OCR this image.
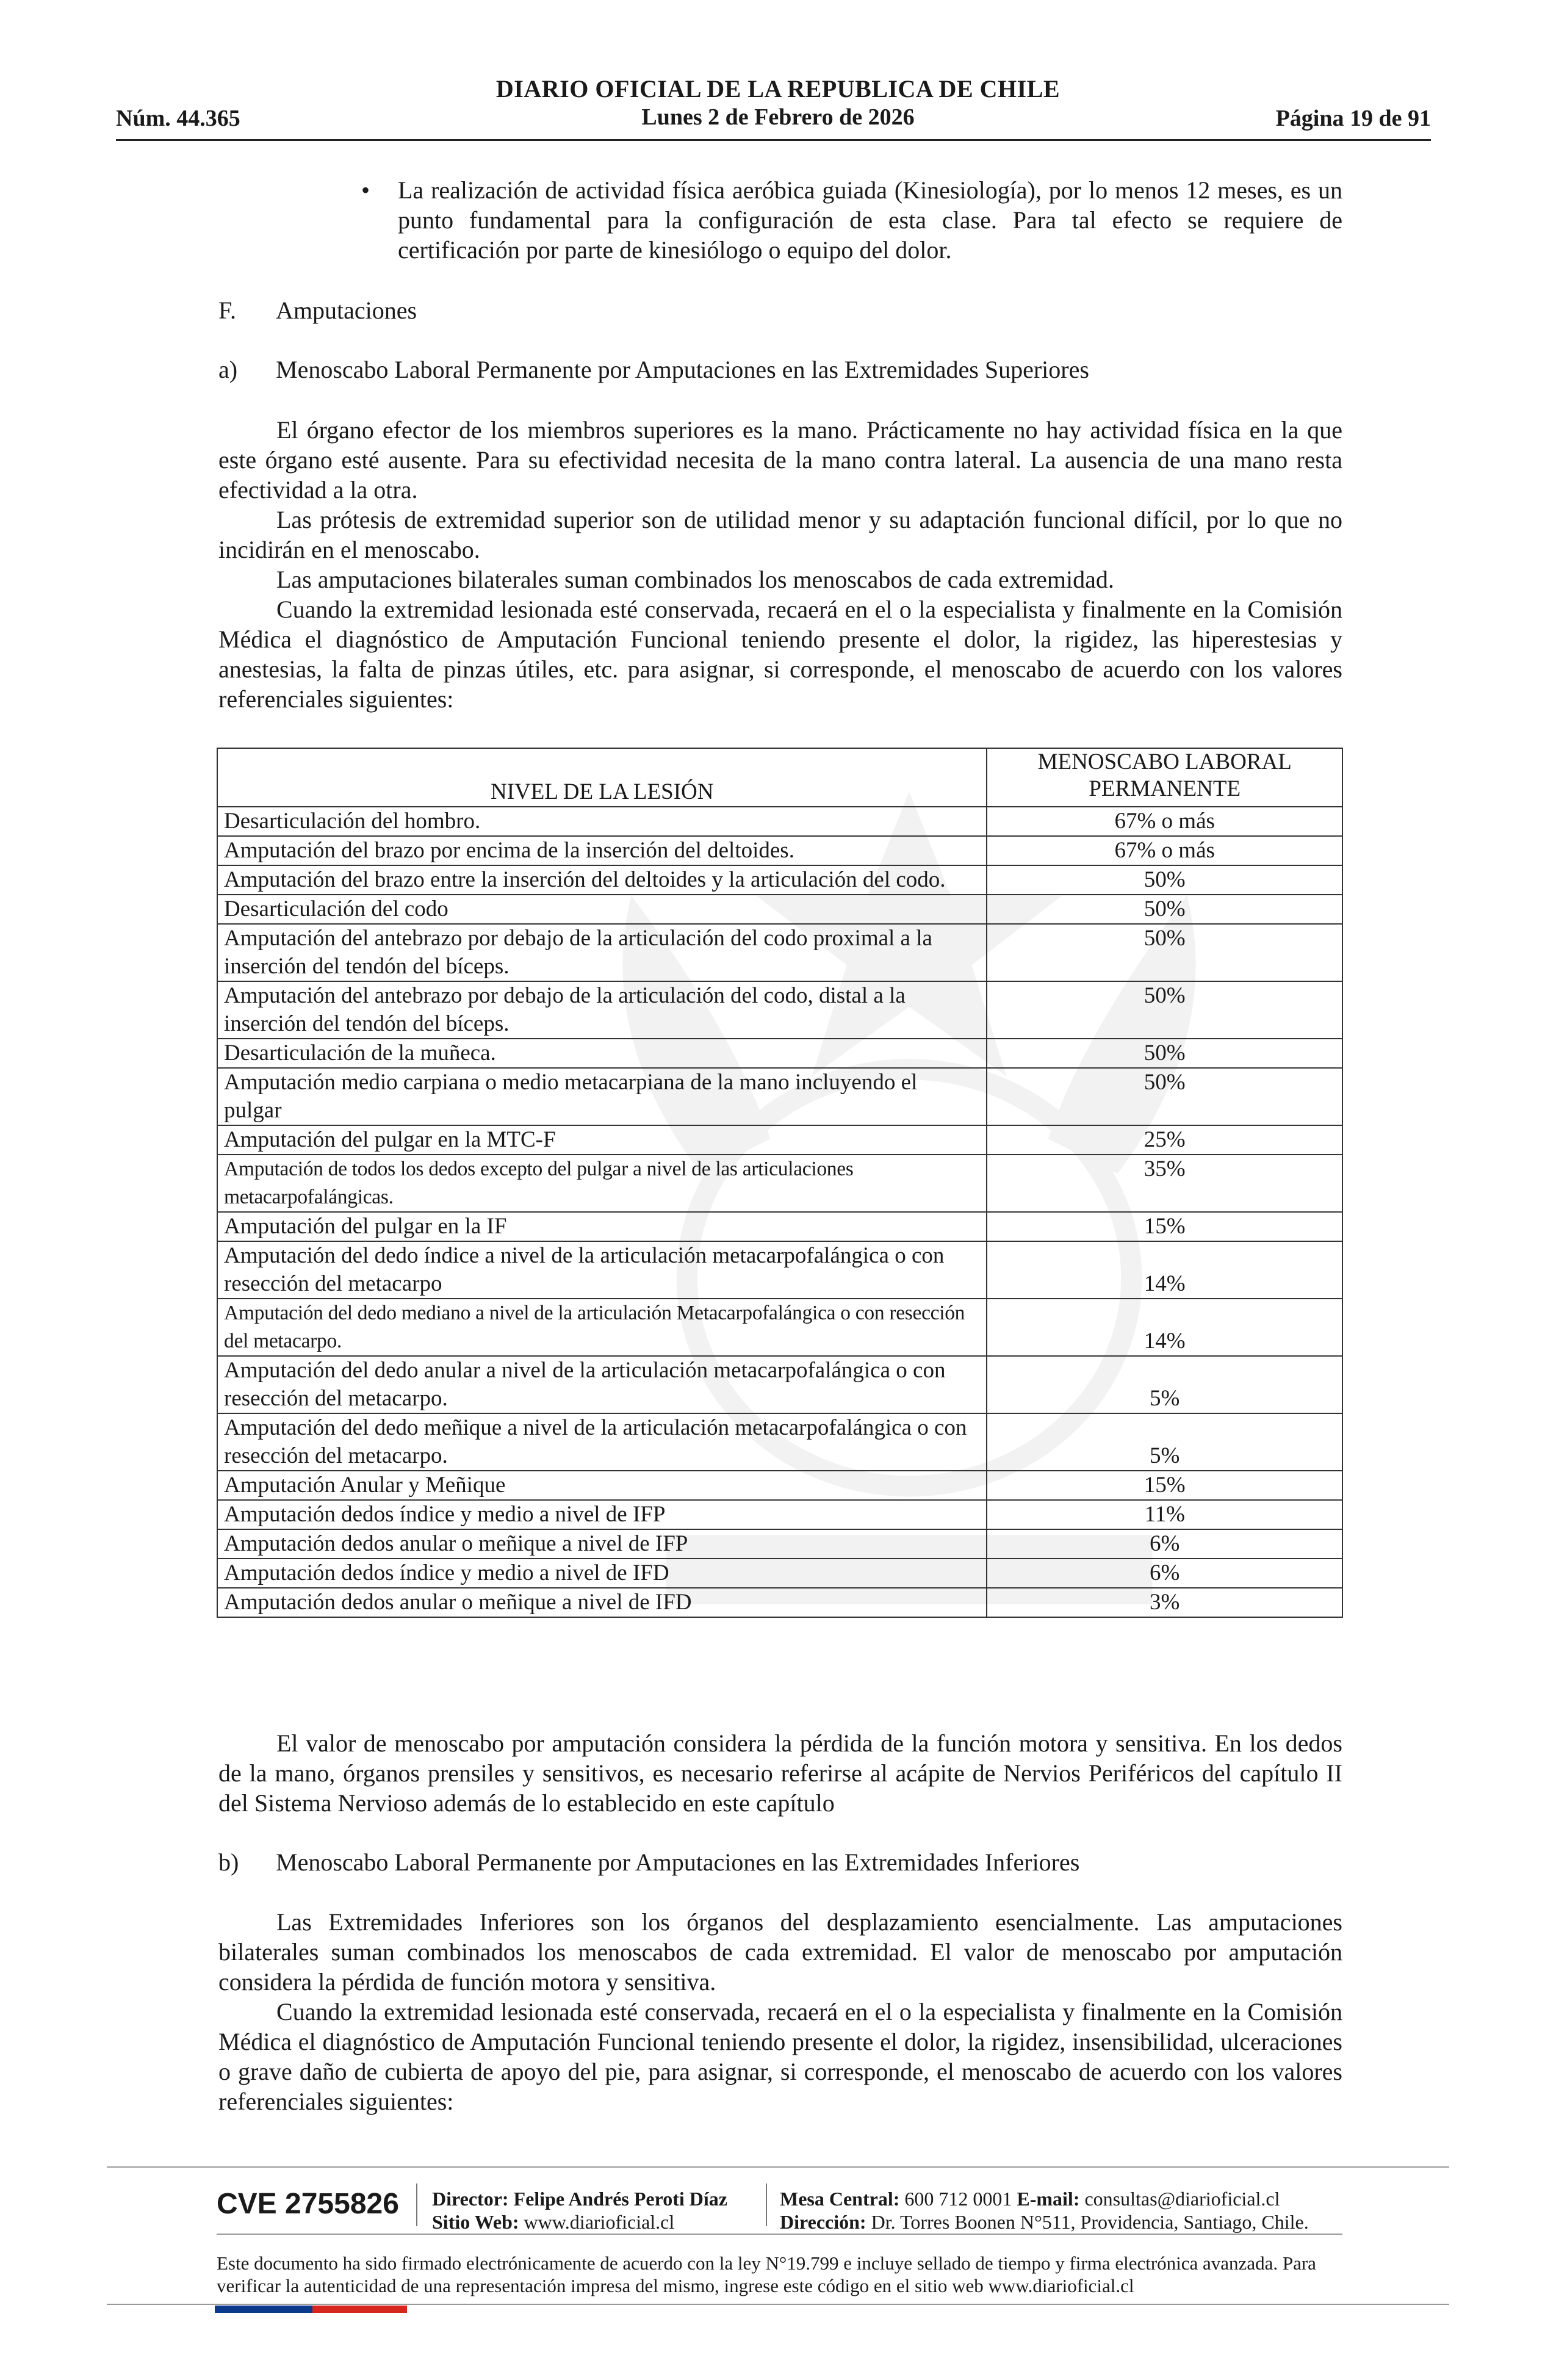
DIARIO OFICIAL DE LA REPUBLICA DE CHILE
Núm. 44.365	Lunes 2 de Febrero de 2026	Página 19 de 91
• La realización de actividad física aeróbica guiada (Kinesiología), por lo menos 12 meses, es un punto fundamental para la configuración de esta clase. Para tal efecto se requiere de certificación por parte de kinesiólogo o equipo del dolor.
F. Amputaciones
a) Menoscabo Laboral Permanente por Amputaciones en las Extremidades Superiores
El órgano efector de los miembros superiores es la mano. Prácticamente no hay actividad física en la que este órgano esté ausente. Para su efectividad necesita de la mano contra lateral. La ausencia de una mano resta efectividad a la otra.
Las prótesis de extremidad superior son de utilidad menor y su adaptación funcional difícil, por lo que no incidirán en el menoscabo.
Las amputaciones bilaterales suman combinados los menoscabos de cada extremidad.
Cuando la extremidad lesionada esté conservada, recaerá en el o la especialista y finalmente en la Comisión Médica el diagnóstico de Amputación Funcional teniendo presente el dolor, la rigidez, las hiperestesias y anestesias, la falta de pinzas útiles, etc. para asignar, si corresponde, el menoscabo de acuerdo con los valores referenciales siguientes:
NIVEL DE LA LESIÓN	MENOSCABO LABORAL
PERMANENTE
Desarticulación del hombro.	67% o más
Amputación del brazo por encima de la inserción del deltoides.	67% o más
Amputación del brazo entre la inserción del deltoides y la articulación del codo.	50%
Desarticulación del codo	50%
Amputación del antebrazo por debajo de la articulación del codo proximal a la inserción del tendón del bíceps.	50%
Amputación del antebrazo por debajo de la articulación del codo, distal a la inserción del tendón del bíceps.	50%
Desarticulación de la muñeca.	50%
Amputación medio carpiana o medio metacarpiana de la mano incluyendo el pulgar	50%
Amputación del pulgar en la MTC-F	25%
Amputación de todos los dedos excepto del pulgar a nivel de las articulaciones metacarpofalángicas.	35%
Amputación del pulgar en la IF	15%
Amputación del dedo índice a nivel de la articulación metacarpofalángica o con resección del metacarpo	14%
Amputación del dedo mediano a nivel de la articulación Metacarpofalángica o con resección del metacarpo.	14%
Amputación del dedo anular a nivel de la articulación metacarpofalángica o con resección del metacarpo.	5%
Amputación del dedo meñique a nivel de la articulación metacarpofalángica o con resección del metacarpo.	5%
Amputación Anular y Meñique	15%
Amputación dedos índice y medio a nivel de IFP	11%
Amputación dedos anular o meñique a nivel de IFP	6%
Amputación dedos índice y medio a nivel de IFD	6%
Amputación dedos anular o meñique a nivel de IFD	3%
El valor de menoscabo por amputación considera la pérdida de la función motora y sensitiva. En los dedos de la mano, órganos prensiles y sensitivos, es necesario referirse al acápite de Nervios Periféricos del capítulo II del Sistema Nervioso además de lo establecido en este capítulo
b) Menoscabo Laboral Permanente por Amputaciones en las Extremidades Inferiores
Las Extremidades Inferiores son los órganos del desplazamiento esencialmente. Las amputaciones bilaterales suman combinados los menoscabos de cada extremidad. El valor de menoscabo por amputación considera la pérdida de función motora y sensitiva.
Cuando la extremidad lesionada esté conservada, recaerá en el o la especialista y finalmente en la Comisión Médica el diagnóstico de Amputación Funcional teniendo presente el dolor, la rigidez, insensibilidad, ulceraciones o grave daño de cubierta de apoyo del pie, para asignar, si corresponde, el menoscabo de acuerdo con los valores referenciales siguientes:
CVE 2755826 Director: Felipe Andrés Peroti Díaz
Sitio Web: www.diarioficial.cl
Mesa Central: 600 712 0001 E-mail: consultas@diarioficial.cl
Dirección: Dr. Torres Boonen N°511, Providencia, Santiago, Chile.
Este documento ha sido firmado electrónicamente de acuerdo con la ley N°19.799 e incluye sellado de tiempo y firma electrónica avanzada. Para verificar la autenticidad de una representación impresa del mismo, ingrese este código en el sitio web www.diarioficial.cl
